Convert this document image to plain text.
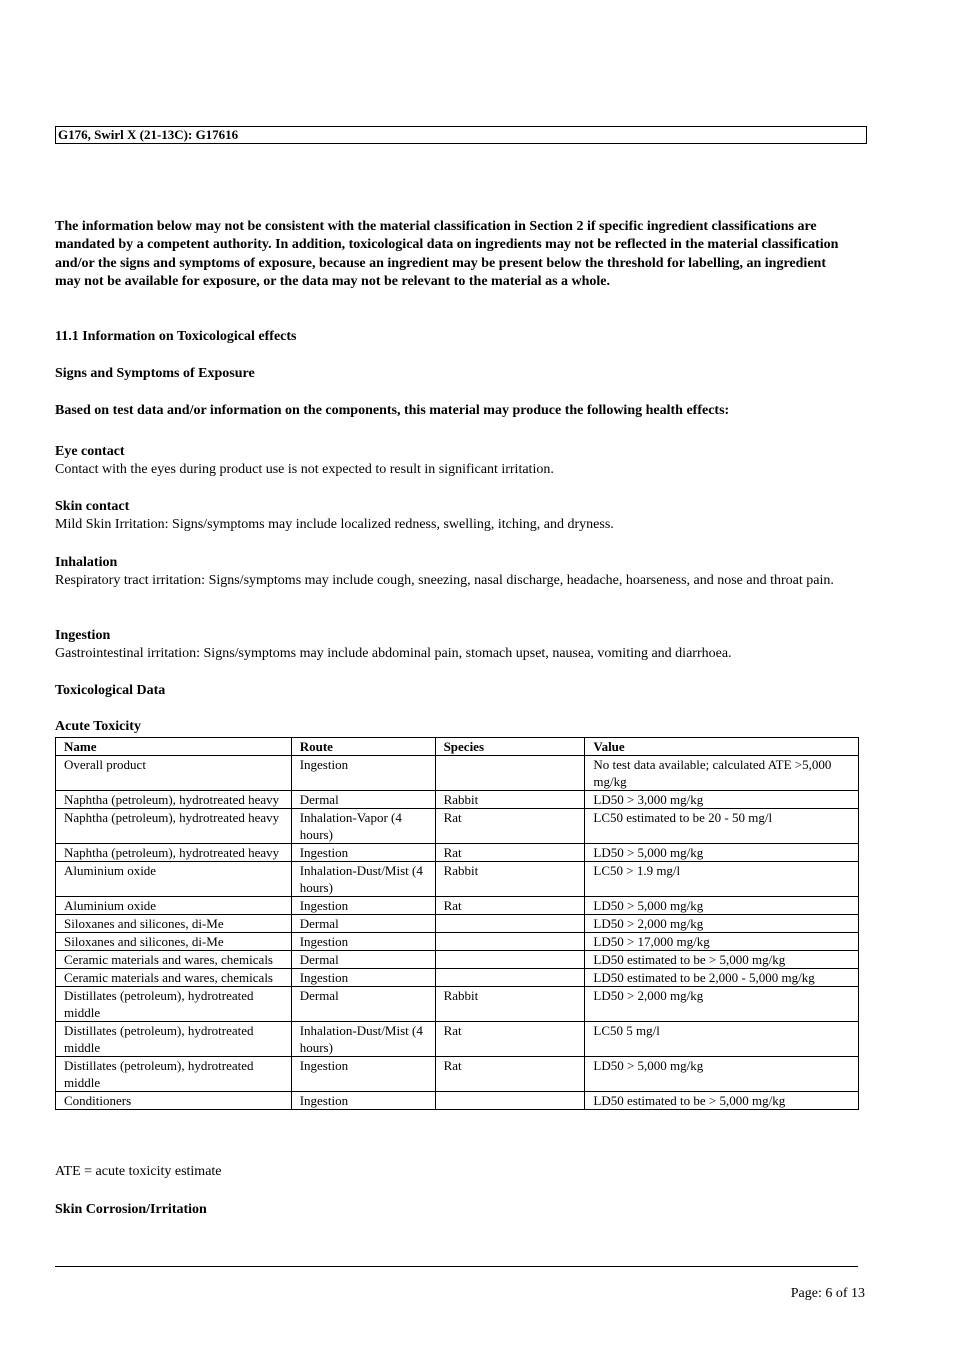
G176, Swirl X (21-13C): G17616
The information below may not be consistent with the material classification in Section 2 if specific ingredient classifications are mandated by a competent authority. In addition, toxicological data on ingredients may not be reflected in the material classification and/or the signs and symptoms of exposure, because an ingredient may be present below the threshold for labelling, an ingredient may not be available for exposure, or the data may not be relevant to the material as a whole.
11.1 Information on Toxicological effects
Signs and Symptoms of Exposure
Based on test data and/or information on the components, this material may produce the following health effects:
Eye contact
Contact with the eyes during product use is not expected to result in significant irritation.
Skin contact
Mild Skin Irritation: Signs/symptoms may include localized redness, swelling, itching, and dryness.
Inhalation
Respiratory tract irritation: Signs/symptoms may include cough, sneezing, nasal discharge, headache, hoarseness, and nose and throat pain.
Ingestion
Gastrointestinal irritation: Signs/symptoms may include abdominal pain, stomach upset, nausea, vomiting and diarrhoea.
Toxicological Data
Acute Toxicity
Name	Route	Species	Value
Overall product	Ingestion		No test data available; calculated ATE >5,000 mg/kg
Naphtha (petroleum), hydrotreated heavy	Dermal	Rabbit	LD50 > 3,000 mg/kg
Naphtha (petroleum), hydrotreated heavy	Inhalation-Vapor (4 hours)	Rat	LC50 estimated to be 20 - 50 mg/l
Naphtha (petroleum), hydrotreated heavy	Ingestion	Rat	LD50 > 5,000 mg/kg
Aluminium oxide	Inhalation-Dust/Mist (4 hours)	Rabbit	LC50 > 1.9 mg/l
Aluminium oxide	Ingestion	Rat	LD50 > 5,000 mg/kg
Siloxanes and silicones, di-Me	Dermal		LD50 > 2,000 mg/kg
Siloxanes and silicones, di-Me	Ingestion		LD50 > 17,000 mg/kg
Ceramic materials and wares, chemicals	Dermal		LD50 estimated to be > 5,000 mg/kg
Ceramic materials and wares, chemicals	Ingestion		LD50 estimated to be 2,000 - 5,000 mg/kg
Distillates (petroleum), hydrotreated middle	Dermal	Rabbit	LD50 > 2,000 mg/kg
Distillates (petroleum), hydrotreated middle	Inhalation-Dust/Mist (4 hours)	Rat	LC50 5 mg/l
Distillates (petroleum), hydrotreated middle	Ingestion	Rat	LD50 > 5,000 mg/kg
Conditioners	Ingestion		LD50 estimated to be > 5,000 mg/kg
ATE = acute toxicity estimate
Skin Corrosion/Irritation
Page: 6 of 13
